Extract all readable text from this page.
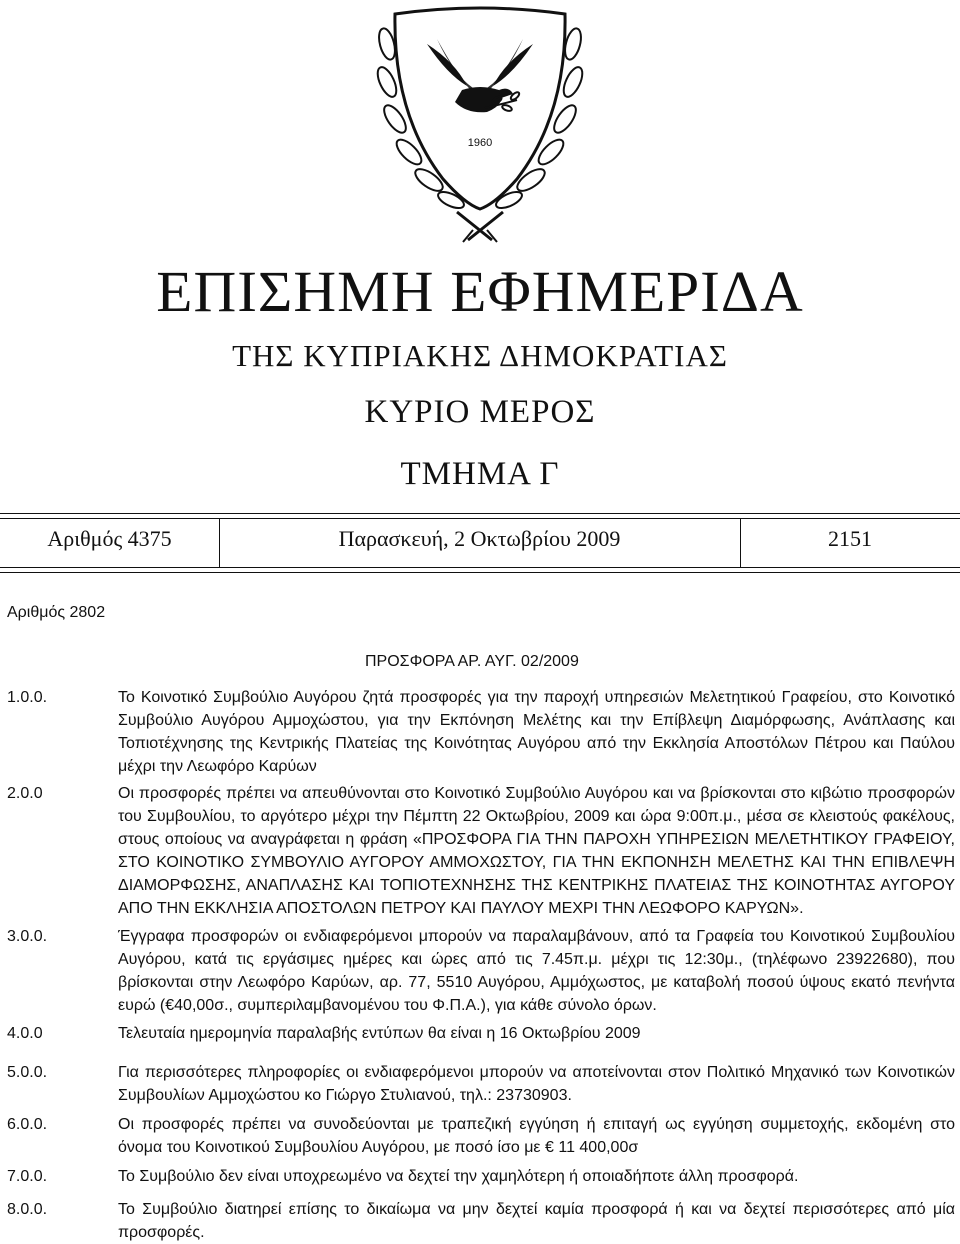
1960
ΕΠΙΣΗΜΗ ΕΦΗΜΕΡΙΔΑ
ΤΗΣ ΚΥΠΡΙΑΚΗΣ ΔΗΜΟΚΡΑΤΙΑΣ
ΚΥΡΙΟ ΜΕΡΟΣ
ΤΜΗΜΑ Γ
Αριθμός 4375	Παρασκευή, 2 Οκτωβρίου 2009	2151
Αριθμός 2802
ΠΡΟΣΦΟΡΑ ΑΡ. ΑΥΓ. 02/2009
1.0.0.	Το Κοινοτικό Συμβούλιο Αυγόρου ζητά προσφορές για την παροχή υπηρεσιών Μελετητικού Γραφείου, στο Κοινοτικό Συμβούλιο Αυγόρου Αμμοχώστου, για την Εκπόνηση Μελέτης και την Επίβλεψη Διαμόρφωσης, Ανάπλασης και Τοπιοτέχνησης της Κεντρικής Πλατείας της Κοινότητας Αυγόρου από την Εκκλησία Αποστόλων Πέτρου και Παύλου μέχρι την Λεωφόρο Καρύων
2.0.0	Οι προσφορές πρέπει να απευθύνονται στο Κοινοτικό Συμβούλιο Αυγόρου και να βρίσκονται στο κιβώτιο προσφορών του Συμβουλίου, το αργότερο μέχρι την Πέμπτη 22 Οκτωβρίου, 2009 και ώρα 9:00π.μ., μέσα σε κλειστούς φακέλους, στους οποίους να αναγράφεται η φράση «ΠΡΟΣΦΟΡΑ ΓΙΑ ΤΗΝ ΠΑΡΟΧΗ ΥΠΗΡΕΣΙΩΝ ΜΕΛΕΤΗΤΙΚΟΥ ΓΡΑΦΕΙΟΥ, ΣΤΟ ΚΟΙΝΟΤΙΚΟ ΣΥΜΒΟΥΛΙΟ ΑΥΓΟΡΟΥ ΑΜΜΟΧΩΣΤΟΥ, ΓΙΑ ΤΗΝ ΕΚΠΟΝΗΣΗ ΜΕΛΕΤΗΣ ΚΑΙ ΤΗΝ ΕΠΙΒΛΕΨΗ ΔΙΑΜΟΡΦΩΣΗΣ, ΑΝΑΠΛΑΣΗΣ ΚΑΙ ΤΟΠΙΟΤΕΧΝΗΣΗΣ ΤΗΣ ΚΕΝΤΡΙΚΗΣ ΠΛΑΤΕΙΑΣ ΤΗΣ ΚΟΙΝΟΤΗΤΑΣ ΑΥΓΟΡΟΥ ΑΠΟ ΤΗΝ ΕΚΚΛΗΣΙΑ ΑΠΟΣΤΟΛΩΝ ΠΕΤΡΟΥ ΚΑΙ ΠΑΥΛΟΥ ΜΕΧΡΙ ΤΗΝ ΛΕΩΦΟΡΟ ΚΑΡΥΩΝ».
3.0.0.	Έγγραφα προσφορών οι ενδιαφερόμενοι μπορούν να παραλαμβάνουν, από τα Γραφεία του Κοινοτικού Συμβουλίου Αυγόρου, κατά τις εργάσιμες ημέρες και ώρες από τις 7.45π.μ. μέχρι τις 12:30μ., (τηλέφωνο 23922680), που βρίσκονται στην Λεωφόρο Καρύων, αρ. 77, 5510 Αυγόρου, Αμμόχωστος, με καταβολή ποσού ύψους εκατό πενήντα ευρώ (€40,00σ., συμπεριλαμβανομένου του Φ.Π.Α.), για κάθε σύνολο όρων.
4.0.0	Τελευταία ημερομηνία παραλαβής εντύπων θα είναι η 16 Οκτωβρίου 2009
5.0.0.	Για περισσότερες πληροφορίες οι ενδιαφερόμενοι μπορούν να αποτείνονται στον Πολιτικό Μηχανικό των Κοινοτικών Συμβουλίων Αμμοχώστου κο Γιώργο Στυλιανού, τηλ.: 23730903.
6.0.0.	Οι προσφορές πρέπει να συνοδεύονται με τραπεζική εγγύηση ή επιταγή ως εγγύηση συμμετοχής, εκδομένη στο όνομα του Κοινοτικού Συμβουλίου Αυγόρου, με ποσό ίσο με € 11 400,00σ
7.0.0.	Το Συμβούλιο δεν είναι υποχρεωμένο να δεχτεί την χαμηλότερη ή οποιαδήποτε άλλη προσφορά.
8.0.0.	Το Συμβούλιο διατηρεί επίσης το δικαίωμα να μην δεχτεί καμία προσφορά ή και να δεχτεί περισσότερες από μία προσφορές.
